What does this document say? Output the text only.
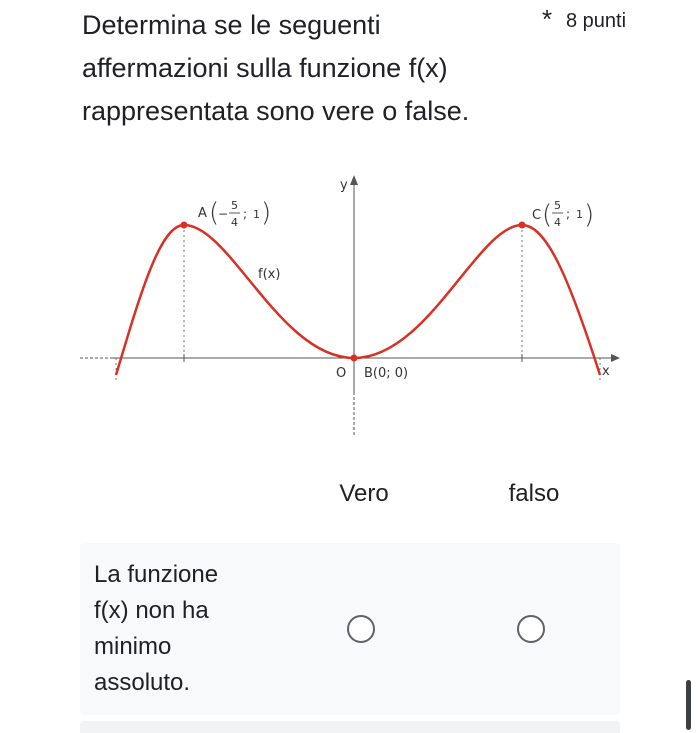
Determina se le seguenti affermazioni sulla funzione f(x) rappresentata sono vere o false.
* 8 punti
y
x
O
f(x)
B(0; 0)
A (
−
5
4
; 1 )	C ( 5
4
; 1 )
Vero	falso
La funzione f(x) non ha minimo assoluto.
